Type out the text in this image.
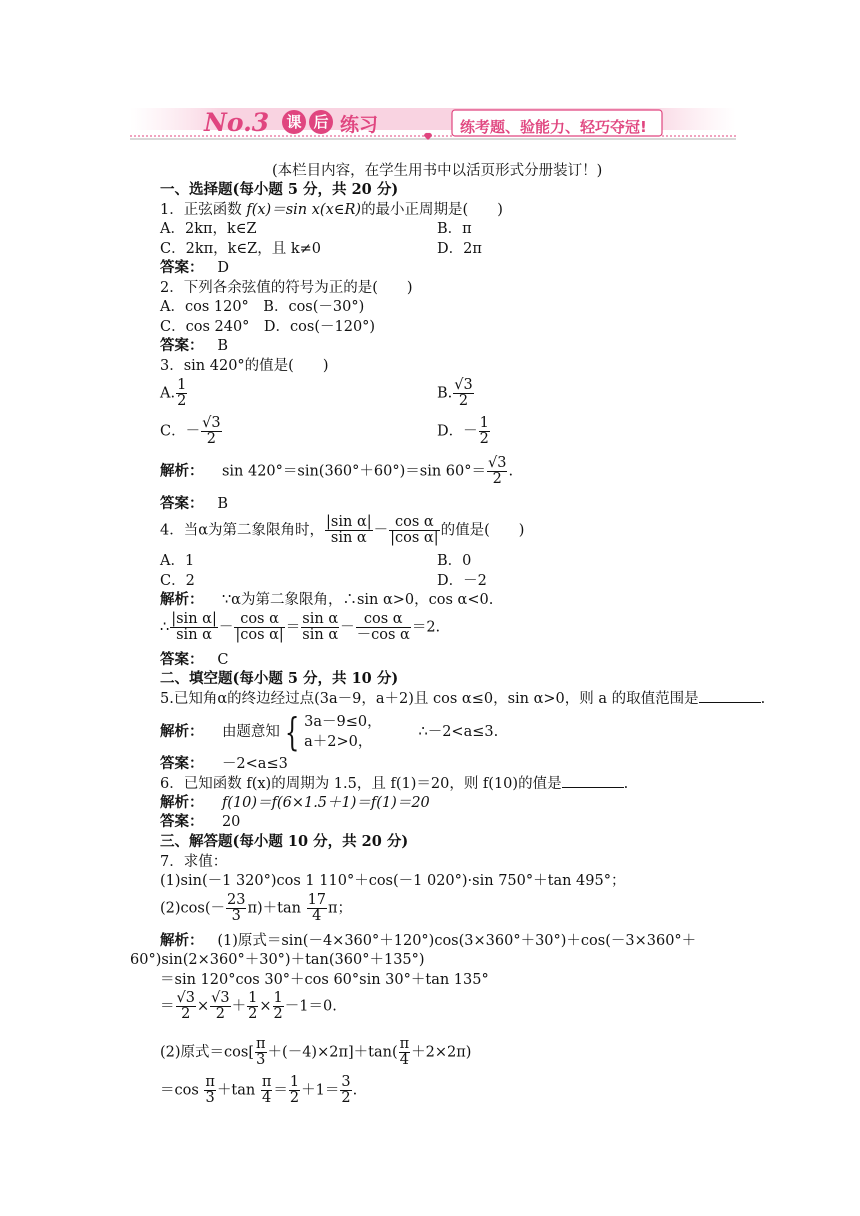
No.3 课 后 练习	练考题、验能力、轻巧夺冠!
(本栏目内容，在学生用书中以活页形式分册装订！)
一、选择题(每小题 5 分，共 20 分)
1．正弦函数 f(x)＝sin x(x∈R)的最小正周期是(　　)
A．2kπ，k∈Z	B．π
C．2kπ，k∈Z，且 k≠0	D．2π
答案： D
2．下列各余弦值的符号为正的是(　　)
A．cos 120°　B．cos(－30°)
C．cos 240°　D．cos(－120°)
答案： B
3．sin 420°的值是(　　)
A. $\frac{1}{2}$	B. $\frac{√3}{2}$
C．－ $\frac{√3}{2}$	D．－ $\frac{1}{2}$
解析： sin 420°＝sin(360°＋60°)＝sin $60^\circ= \frac{√3}{2}$ .
答案： B
4．当α为第二象限角时， $\frac{\text{|sin α|}}{\text{sin α}} - \frac{\text{cos α}}{\text{|cos α|}}$ 的值是(　　)
A．1	B．0
C．2	D．－2
解析： ∵α为第二象限角，∴sin α>0，cos α<0.
∴ $\frac{\text{|sin α|}}{\text{sin α}} - \frac{\text{cos α}}{\text{|cos α|}} = \frac{\text{sin α}}{\text{sin α}} - \frac{\text{cos α}}{\text{－cos α}} =2$.
答案： C
二、填空题(每小题 5 分，共 10 分)
5.已知角α的终边经过点(3a－9，a＋2)且 cos α≤0，sin α>0，则 a 的取值范围是	.
解析： 由题意知 { 3a－9≤0，
a＋2>0，
∴－2<a≤3.
答案： －2<a≤3
6．已知函数 f(x)的周期为 1.5，且 f(1)＝20，则 f(10)的值是	.
解析： f(10)＝f(6×1.5＋1)＝f(1)＝20
答案： 20
三、解答题(每小题 10 分，共 20 分)
7．求值：
(1)sin(－1 320°)cos 1 110°＋cos(－1 020°)·sin 750°＋tan 495°；
$(2)\cos(- \frac{23}{3} \pi)+\tan \frac{17}{4}$ π；
解析： (1)原式＝sin(－4×360°＋120°)cos(3×360°＋30°)＋cos(－3×360°＋
60°)sin(2×360°＋30°)＋tan(360°＋135°)
＝sin 120°cos 30°＋cos 60°sin 30°＋tan 135°
＝ $\frac{√3}{2} \times \frac{√3}{2} + \frac{1}{2} \times \frac{1}{2} -1=0$.
(2)原式$=\cos[ \frac{\pi}{3} +(-4)\times 2\pi]+\tan( \frac{\pi}{4} +2\times 2\pi)$
$=\cos \frac{\pi}{3} +\tan \frac{\pi}{4} = \frac{1}{2} +1= \frac{3}{2}$ .
